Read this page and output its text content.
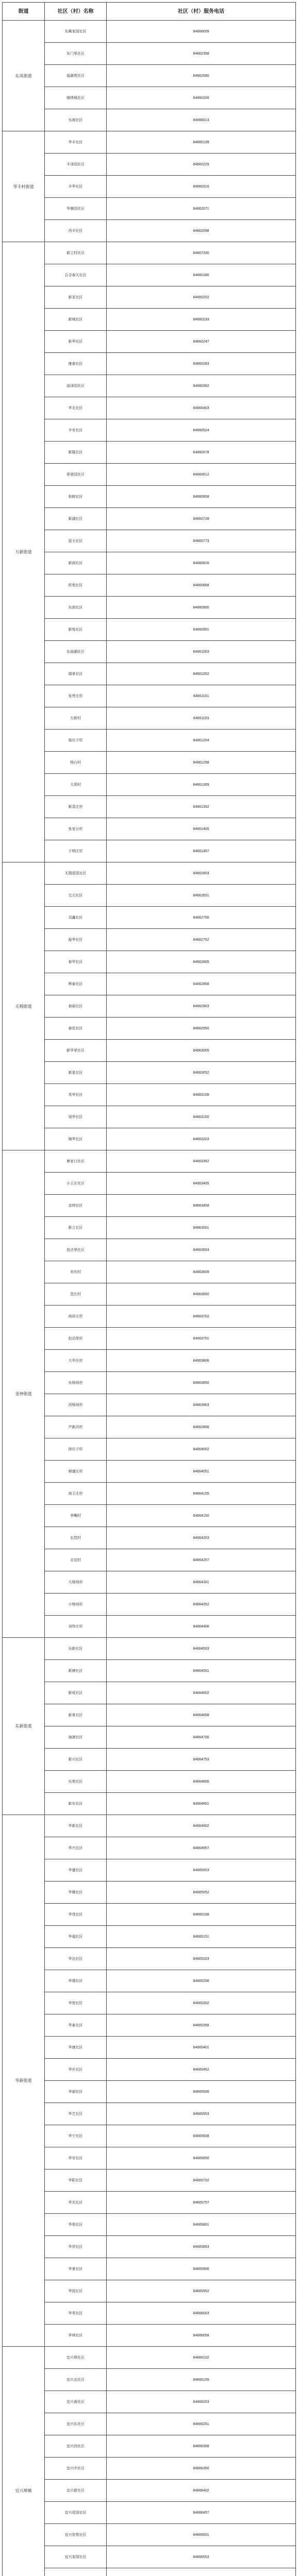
街道	社区（村）名称	社区（村）服务电话
东风街道	东篱家园社区	84668009
	东门里社区	84662358
	福湖苑社区	84662590
	锦绣城社区	84660326
	东海社区	84668013
华丰村街道	华丰社区	84660139
	丰泽园社区	84660229
	丰华社区	84660316
	华康园社区	84662071
	西丰社区	84662098
万新街道	新立村社区	84667330
	百合春天社区	84660180
	新亚社区	84660202
	新城社区	84660233
	新华社区	84660247
	康泰社区	84660283
	丽泽园社区	84660392
	华北社区	84660403
	丰安社区	84660524
	新隆社区	84660578
	翠景园社区	84660612
	和睦社区	84660658
	新湖社区	84660728
	蓝天社区	84660773
	新润社区	84660816
	欣苑社区	84660858
	东南社区	84660900
	新悦社区	84660951
	东丽湖社区	84661003
	瑞景社区	84661052
	张贵庄村	84661101
	万新村	84661153
	詹庄子村	84661204
	杨台村	84661258
	大郑村	84661309
	新袁庄村	84661352
	张家台村	84661405
	于明庄村	84661457
无瑕街道	无瑕花园社区	84662603
	宝元社区	84662651
	双鑫社区	84662700
	振华社区	84662752
	春华社区	84662805
	辉泰社区	84662858
	春丽社区	84662903
	泰佳社区	84662950
	新华里社区	84663005
	新星社区	84663052
	英华社区	84663108
	旭华社区	84663150
	锦华社区	84663203
金钟街道	唐家口社区	84663352
	小王庄社区	84663405
	金钟社区	84663458
	新立社区	84663501
	赵沽里社区	84663553
	欢坨村	84663609
	范庄村	84663650
	南孙庄村	84663702
	赵沽里村	84663751
	大毕庄村	84663806
	东杨场村	84663850
	西杨场村	84663903
	芦新河村	84663956
	徐庄子村	84664002
	韩盛庄村	84664051
	南王庄村	84664105
	李嘴村	84664150
	东堼村	84664203
	北淀村	84664257
	大杨场村	84664301
	小杨场村	84664352
	刘快庄村	84664406
东新街道	东新社区	84664503
	新塘社区	84664551
	新成社区	84664602
	新景社区	84664658
	海港社区	84664700
	新兴社区	84664753
	东苑社区	84664806
	新东社区	84664851
华新街道	华新社区	84664902
	华兴社区	84664957
	华盛社区	84665003
	华顺社区	84665052
	华茂社区	84665108
	华福社区	84665151
	华达社区	84665203
	华瑞社区	84665256
	华悦社区	84665302
	华泰社区	84665358
	华康社区	84665401
	华庆社区	84665452
	华丽社区	84665506
	华艺社区	84665553
	华宁社区	84665608
	华安社区	84665650
	华阳社区	84665702
	华光社区	84665757
	华苑社区	84665801
	华祥社区	84665853
	华景社区	84665906
	华园社区	84665952
	华英社区	84666003
	华林社区	84666058
宜兴埠镇	宜兴埠社区	84666102
	宜兴北社区	84666155
	宜兴南社区	84666203
	宜兴东社区	84666251
	宜兴西社区	84666308
	宜兴中社区	84666350
	宜兴新社区	84666402
	宜兴花园社区	84666457
	宜兴佳苑社区	84666501
	宜兴家园社区	84666553
